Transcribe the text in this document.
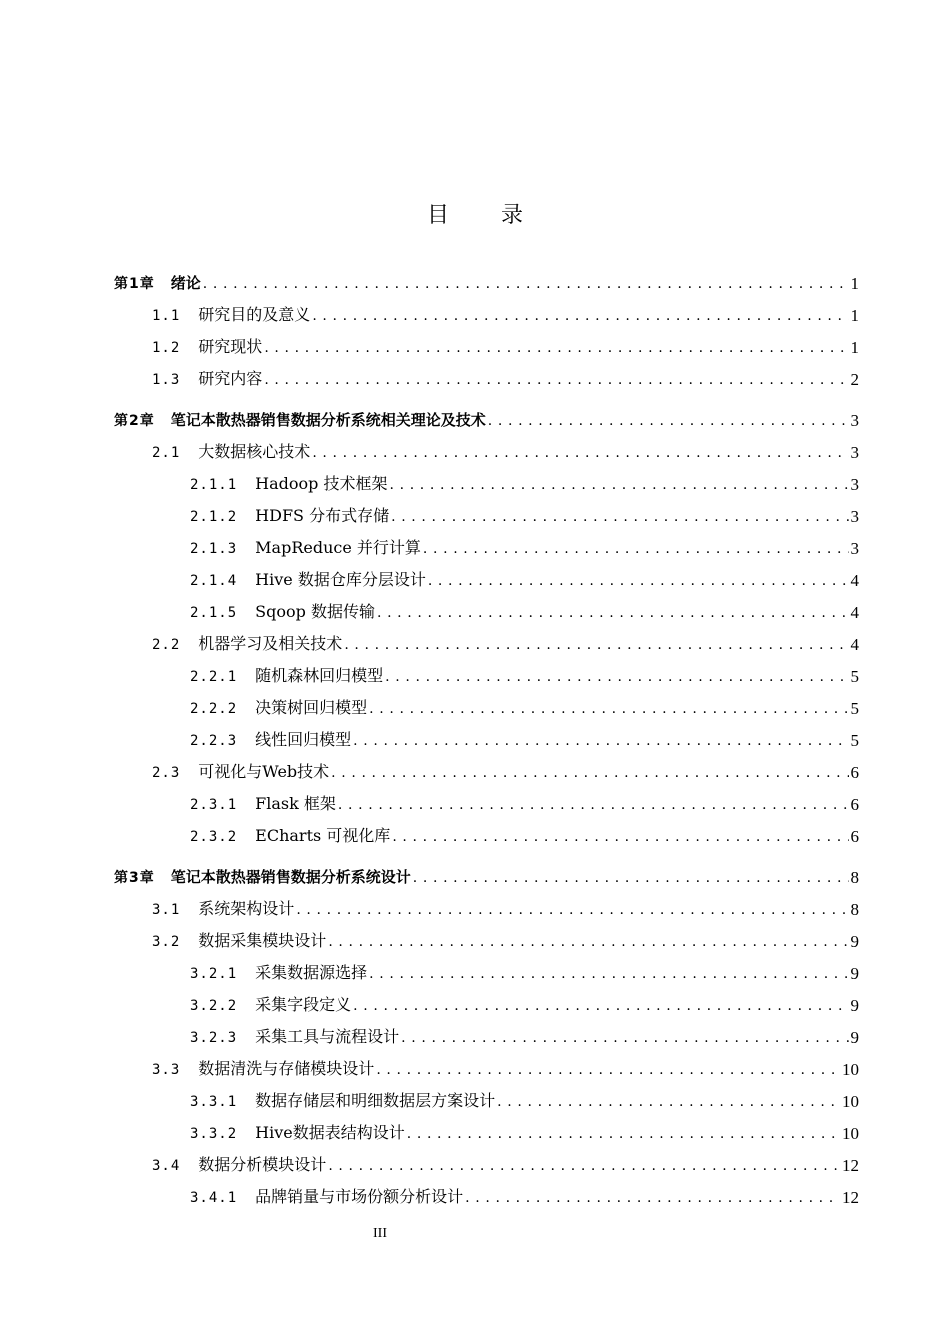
目 录
第1章 绪论 . . .	1
1.1 研究目的及意义 . . .	1
1.2 研究现状 . . .	1
1.3 研究内容 . . .	2
第2章 笔记本散热器销售数据分析系统相关理论及技术 . . .	3
2.1 大数据核心技术 . . .	3
2.1.1 Hadoop 技术框架 . . .	3
2.1.2 HDFS 分布式存储 . . .	3
2.1.3 MapReduce 并行计算 . . .	3
2.1.4 Hive 数据仓库分层设计 . . .	4
2.1.5 Sqoop 数据传输 . . .	4
2.2 机器学习及相关技术 . . .	4
2.2.1 随机森林回归模型 . . .	5
2.2.2 决策树回归模型 . . .	5
2.2.3 线性回归模型 . . .	5
2.3 可视化与Web技术 . . .	6
2.3.1 Flask 框架 . . .	6
2.3.2 ECharts 可视化库 . . .	6
第3章 笔记本散热器销售数据分析系统设计 . . .	8
3.1 系统架构设计 . . .	8
3.2 数据采集模块设计 . . .	9
3.2.1 采集数据源选择 . . .	9
3.2.2 采集字段定义 . . .	9
3.2.3 采集工具与流程设计 . . .	9
3.3 数据清洗与存储模块设计 . . .	10
3.3.1 数据存储层和明细数据层方案设计 . . .	10
3.3.2 Hive数据表结构设计 . . .	10
3.4 数据分析模块设计 . . .	12
3.4.1 品牌销量与市场份额分析设计 . . .	12

III
